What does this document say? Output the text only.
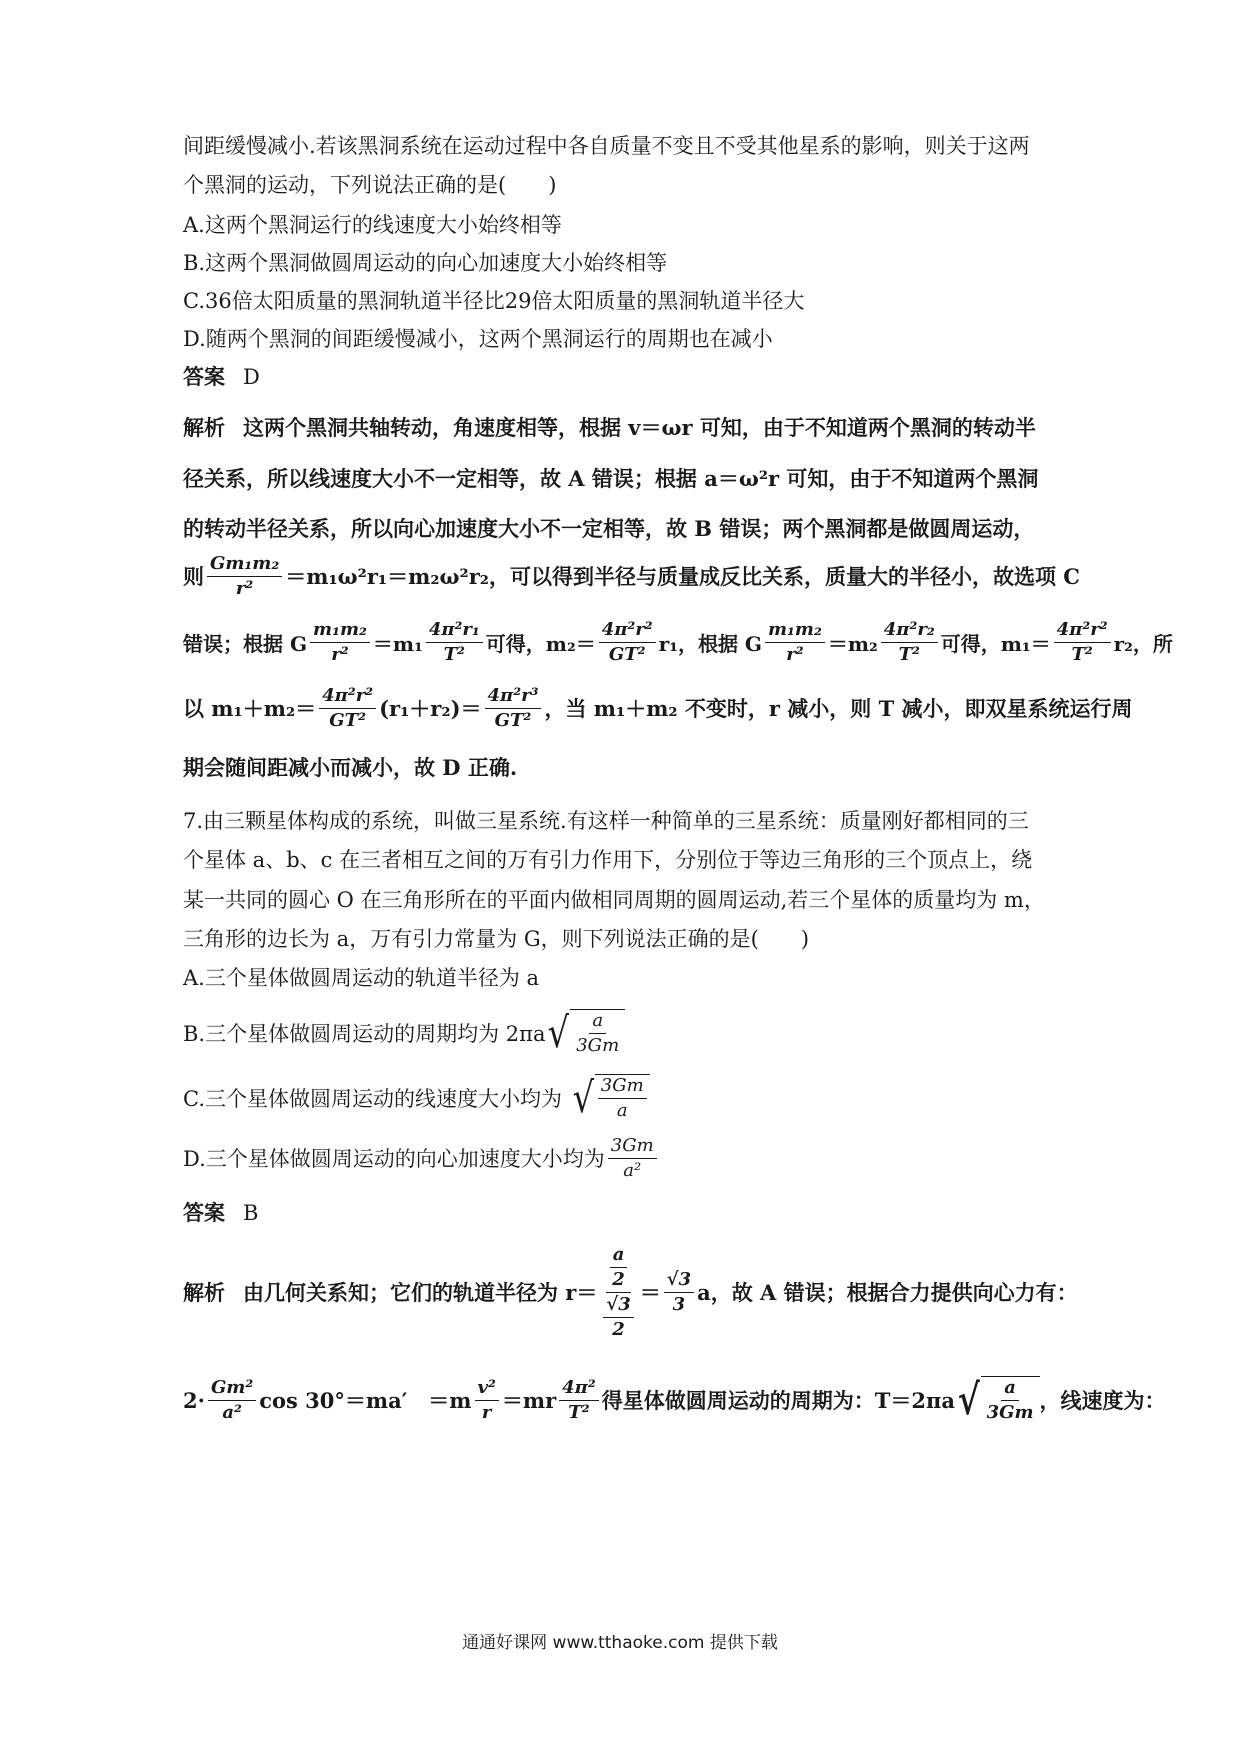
间距缓慢减小.若该黑洞系统在运动过程中各自质量不变且不受其他星系的影响，则关于这两
个黑洞的运动，下列说法正确的是(　　)
A.这两个黑洞运行的线速度大小始终相等
B.这两个黑洞做圆周运动的向心加速度大小始终相等
C.36倍太阳质量的黑洞轨道半径比29倍太阳质量的黑洞轨道半径大
D.随两个黑洞的间距缓慢减小，这两个黑洞运行的周期也在减小
答案 D
解析 这两个黑洞共轴转动，角速度相等，根据 v＝ωr 可知，由于不知道两个黑洞的转动半
径关系，所以线速度大小不一定相等，故 A 错误；根据 a＝ω²r 可知，由于不知道两个黑洞
的转动半径关系，所以向心加速度大小不一定相等，故 B 错误；两个黑洞都是做圆周运动，
则 $\frac{\text{Gm₁m₂}}{\text{r²}} =m_1\omega^2r_1=m_2\omega^2r_2$，可以得到半径与质量成反比关系，质量大的半径小，故选项 C
错误；根据 G $\frac{\text{m₁m₂}}{\text{r²}} =m_1 \frac{\text{4π²r₁}}{\text{T²}}$ 可得，$m_2= \frac{\text{4π²r²}}{\text{GT²}} r_1$，根据 G $\frac{\text{m₁m₂}}{\text{r²}} =m_2 \frac{\text{4π²r₂}}{\text{T²}}$ 可得，$m_1= \frac{\text{4π²r²}}{\text{T²}} r_2$，所
以 $m_1+m_2= \frac{\text{4π²r²}}{\text{GT²}} (r_1+r_2)= \frac{\text{4π²r³}}{\text{GT²}}$ ，当 m₁＋m₂ 不变时，r 减小，则 T 减小，即双星系统运行周
期会随间距减小而减小，故 D 正确.
7.由三颗星体构成的系统，叫做三星系统.有这样一种简单的三星系统：质量刚好都相同的三
个星体 a、b、c 在三者相互之间的万有引力作用下，分别位于等边三角形的三个顶点上，绕
某一共同的圆心 O 在三角形所在的平面内做相同周期的圆周运动,若三个星体的质量均为 m，
三角形的边长为 a，万有引力常量为 G，则下列说法正确的是(　　)
A.三个星体做圆周运动的轨道半径为 a
B.三个星体做圆周运动的周期均为 2πa √ $\frac{a}{3Gm}$
C.三个星体做圆周运动的线速度大小均为 √ $\frac{3Gm}{a}$
D.三个星体做圆周运动的向心加速度大小均为 $\frac{3Gm}{\text{a²}}$
答案 B
解析 由几何关系知；它们的轨道半径为 $r= \frac{\frac{a}{2}}{\frac{√3}{2}} = \frac{√3}{3}$ a，故 A 错误；根据合力提供向心力有：
$2\cdot \frac{\text{Gm²}}{\text{a²}}$ cos 30°＝ma′　$=m \frac{\text{v²}}{r} =mr \frac{\text{4π²}}{\text{T²}}$ 得星体做圆周运动的周期为：T＝2πa √ $\frac{a}{3Gm}$ ，线速度为：
通通好课网 www.tthaoke.com 提供下载
